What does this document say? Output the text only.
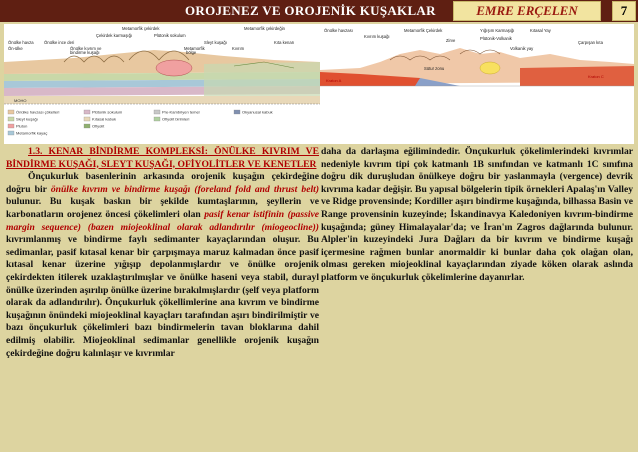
OROJENEZ VE OROJENİK KUŞAKLAR	EMRE ERÇELEN	7
MOHO
Metamorfik çekirdek
Çekirdek karmaşığı	Plütonik sokulum
Metamorfik çekirdeğin
Önülke ince deri	Sleyt kuşağı
Önülke kıvrım ve
bindirme kuşağı
Önülke havza
Ön-ülke
Kıta kenarı
Kıvrım
Metamorfik
bölge
Önülke havzası çökelleri
Sleyt kuşağı
Pluton
Metamorfik kayaç
Plütonik sokulum
Kıtasal kabuk
Ofiyolit
Pre-Kambriyen temel
Ofiyolit birimleri
Okyanusal kabuk
Önülke havzası
Kıvrım kuşağı
Metamorfik Çekirdek	Yığışım Karmaşığı	Kıtasal Yay
Çarpışan kıta
Plütonik-Volkanik
Zirve
Kraton A
Kraton C
Volkanik yay
Sütur zonu

1.3. KENAR BİNDİRME KOMPLEKSİ: ÖNÜLKE KIVRIM VE BİNDİRME KUŞAĞI, SLEYT KUŞAĞI, OFİYOLİTLER VE KENETLER

Önçukurluk basenlerinin arkasında orojenik kuşağın çekirdeğine doğru bir önülke kıvrım ve bindirme kuşağı (foreland fold and thrust belt) bulunur. Bu kuşak baskın bir şekilde kumtaşlarının, şeyllerin ve karbonatların orojenez öncesi çökelimleri olan pasif kenar istifinin (passive margin sequence) (bazen miojeoklinal olarak adlandırılır (miogeocline)) kıvrımlanmış ve bindirme faylı sedimanter kayaçlarından oluşur. Bu sedimanlar, pasif kıtasal kenar bir çarpışmaya maruz kalmadan önce pasif kıtasal kenar üzerine yığışıp depolanmışlardır ve önülke orojenik çekirdekten itilerek uzaklaştırılmışlar ve önülke haseni veya stabil, durayl önülke üzerinden aşırılıp önülke üzerine bırakılmışlardır (şelf veya platform olarak da adlandırılır). Önçukurluk çökellimlerine ana kıvrım ve bindirme kuşağının önündeki miojeoklinal kayaçları tarafından aşırı bindirilmiştir ve bazı önçukurluk çökelimleri bazı bindirmelerin tavan bloklarına dahil edilmiş olabilir. Miojeoklinal sedimanlar genellikle orojenik kuşağın çekirdeğine doğru kalınlaşır ve kıvrımlar

daha da darlaşma eğilimindedir. Önçukurluk çökelimlerindeki kıvrımlar nedeniyle kıvrım tipi çok katmanlı 1B sınıfından ve katmanlı 1C sınıfına doğru dik duruşludan önülkeye doğru bir yaslanmayla (vergence) devrik kıvrıma kadar değişir. Bu yapısal bölgelerin tipik örnekleri Apalaş'ın Valley ve Ridge provensinde; Kordiller aşırı bindirme kuşağında, bilhassa Basin ve Range provensinin kuzeyinde; İskandinavya Kaledoniyen kıvrım-bindirme kuşağında; güney Himalayalar'da; ve İran'ın Zagros dağlarında bulunur. Alpler'in kuzeyindeki Jura Dağları da bir kıvrım ve bindirme kuşağı içermesine rağmen bunlar anormaldir ki bunlar daha çok olağan olan, olması gereken miojeoklinal kayaçlarından ziyade köken olarak aslında platform ve önçukurluk çökelimlerine dayanırlar.
